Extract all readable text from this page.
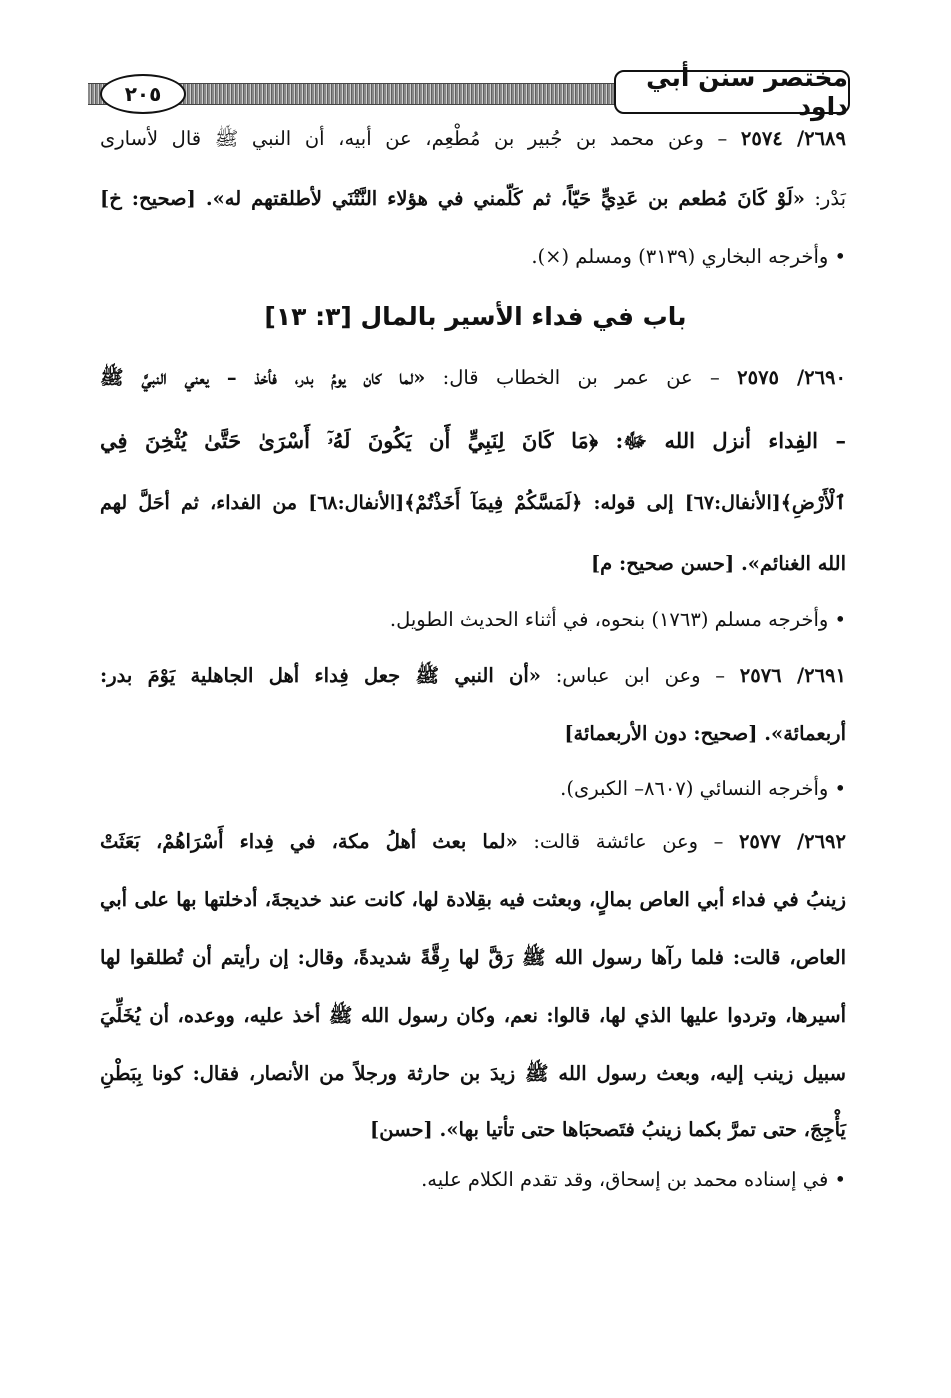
٢٠٥
مختصر سنن أبي داود
٢٦٨٩/ ٢٥٧٤ – وعن محمد بن جُبير بن مُطْعِم، عن أبيه، أن النبي ﷺ قال لأسارى
بَدْر: «لَوْ كَانَ مُطعم بن عَدِيٍّ حَيّاً، ثم كَلّمني في هؤلاء النَّتْنَي لأطلقتهم له». [صحيح: خ]
• وأخرجه البخاري (٣١٣٩) ومسلم (×).
باب في فداء الأسير بالمال [٣: ١٣]
٢٦٩٠/ ٢٥٧٥ – عن عمر بن الخطاب قال: «لما كان يومُ بدر، فأخذ – يعني النبيَّ ﷺ
– الفِداء أنزل الله ﷻ: ﴿مَا كَانَ لِنَبِيٍّ أَن يَكُونَ لَهُۥٓ أَسْرَىٰ حَتَّىٰ يُثْخِنَ فِي
ٱلْأَرْضِ﴾[الأنفال:٦٧] إلى قوله: ﴿لَمَسَّكُمْ فِيمَآ أَخَذْتُمْ﴾[الأنفال:٦٨] من الفداء، ثم أحَلَّ لهم
الله الغنائم». [حسن صحيح: م]
• وأخرجه مسلم (١٧٦٣) بنحوه، في أثناء الحديث الطويل.
٢٦٩١/ ٢٥٧٦ – وعن ابن عباس: «أن النبي ﷺ جعل فِداء أهل الجاهلية يَوْمَ بدر:
أربعمائة». [صحيح: دون الأربعمائة]
• وأخرجه النسائي (٨٦٠٧– الكبرى).
٢٦٩٢/ ٢٥٧٧ – وعن عائشة قالت: «لما بعث أهلُ مكة، في فِداء أَسْرَاهُمْ، بَعَثَتْ
زينبُ في فداء أبي العاص بمالٍ، وبعثت فيه بقِلادة لها، كانت عند خديجةَ، أدخلتها بها على أبي
العاص، قالت: فلما رآها رسول الله ﷺ رَقَّ لها رِقَّةً شديدةً، وقال: إن رأيتم أن تُطلقوا لها
أسيرها، وتردوا عليها الذي لها، قالوا: نعم، وكان رسول الله ﷺ أخذ عليه، ووعده، أن يُخَلِّيَ
سبيل زينب إليه، وبعث رسول الله ﷺ زيدَ بن حارثة ورجلاً من الأنصار، فقال: كونا بِبَطْنِ
يَأْجِجَ، حتى تمرَّ بكما زينبُ فتَصحبَاها حتى تأتيا بها». [حسن]
• في إسناده محمد بن إسحاق، وقد تقدم الكلام عليه.
